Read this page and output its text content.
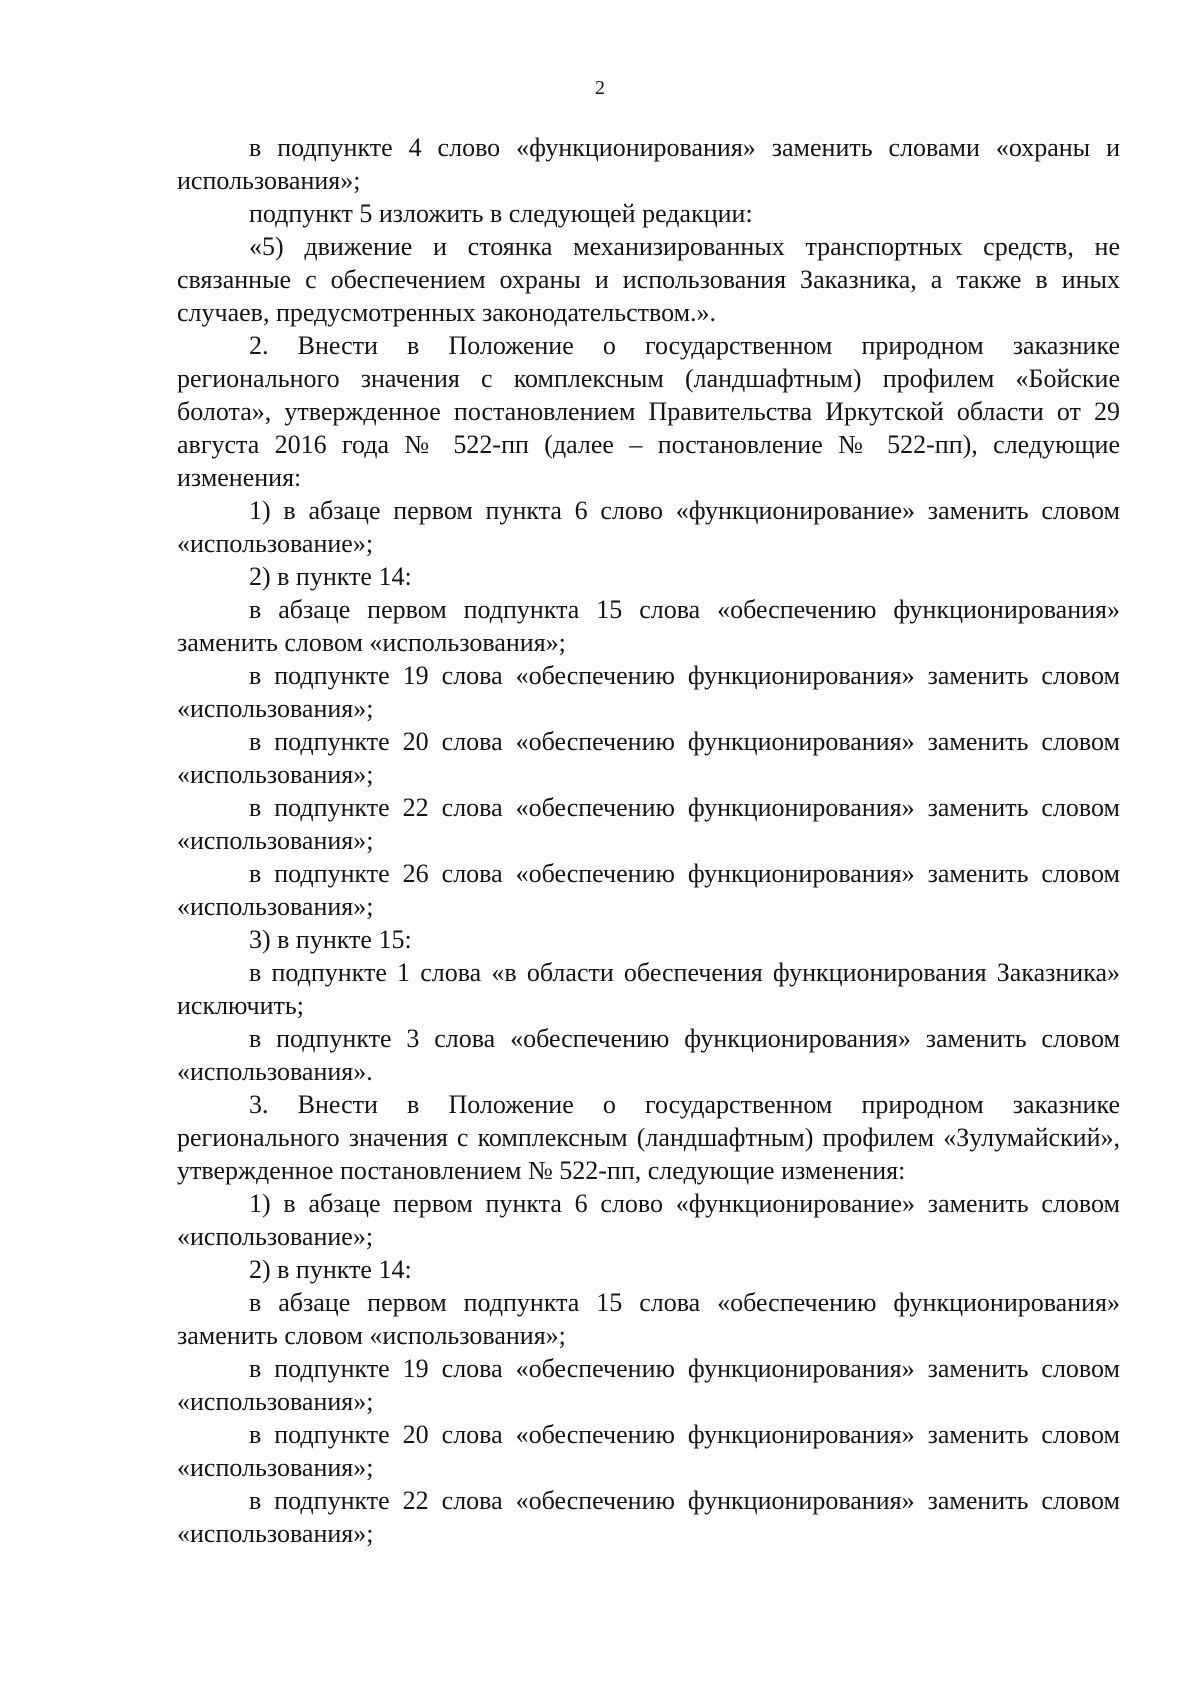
2

в подпункте 4 слово «функционирования» заменить словами «охраны и использования»;

подпункт 5 изложить в следующей редакции:

«5) движение и стоянка механизированных транспортных средств, не связанные с обеспечением охраны и использования Заказника, а также в иных случаев, предусмотренных законодательством.».

2. Внести в Положение о государственном природном заказнике регионального значения с комплексным (ландшафтным) профилем «Бойские болота», утвержденное постановлением Правительства Иркутской области от 29 августа 2016 года № 522-пп (далее – постановление № 522-пп), следующие изменения:

1) в абзаце первом пункта 6 слово «функционирование» заменить словом «использование»;

2) в пункте 14:

в абзаце первом подпункта 15 слова «обеспечению функционирования» заменить словом «использования»;

в подпункте 19 слова «обеспечению функционирования» заменить словом «использования»;

в подпункте 20 слова «обеспечению функционирования» заменить словом «использования»;

в подпункте 22 слова «обеспечению функционирования» заменить словом «использования»;

в подпункте 26 слова «обеспечению функционирования» заменить словом «использования»;

3) в пункте 15:

в подпункте 1 слова «в области обеспечения функционирования Заказника» исключить;

в подпункте 3 слова «обеспечению функционирования» заменить словом «использования».

3. Внести в Положение о государственном природном заказнике регионального значения с комплексным (ландшафтным) профилем «Зулумайский», утвержденное постановлением № 522-пп, следующие изменения:

1) в абзаце первом пункта 6 слово «функционирование» заменить словом «использование»;

2) в пункте 14:

в абзаце первом подпункта 15 слова «обеспечению функционирования» заменить словом «использования»;

в подпункте 19 слова «обеспечению функционирования» заменить словом «использования»;

в подпункте 20 слова «обеспечению функционирования» заменить словом «использования»;

в подпункте 22 слова «обеспечению функционирования» заменить словом «использования»;
